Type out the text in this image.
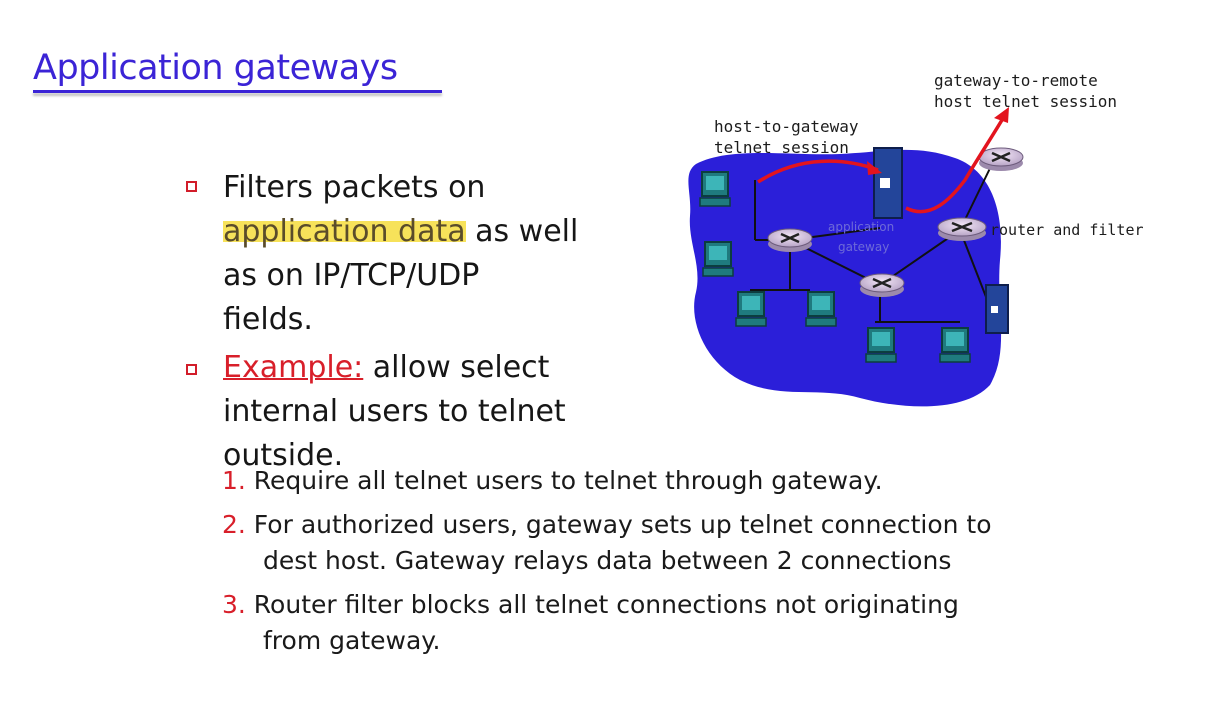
Application gateways
Filters packets on
application data as well
as on IP/TCP/UDP
fields.
Example: allow select
internal users to telnet
outside.
1. Require all telnet users to telnet through gateway.
2. For authorized users, gateway sets up telnet connection to
dest host. Gateway relays data between 2 connections
3. Router filter blocks all telnet connections not originating
from gateway.
gateway-to-remote
host telnet session
host-to-gateway
telnet session
router and filter
application
gateway
